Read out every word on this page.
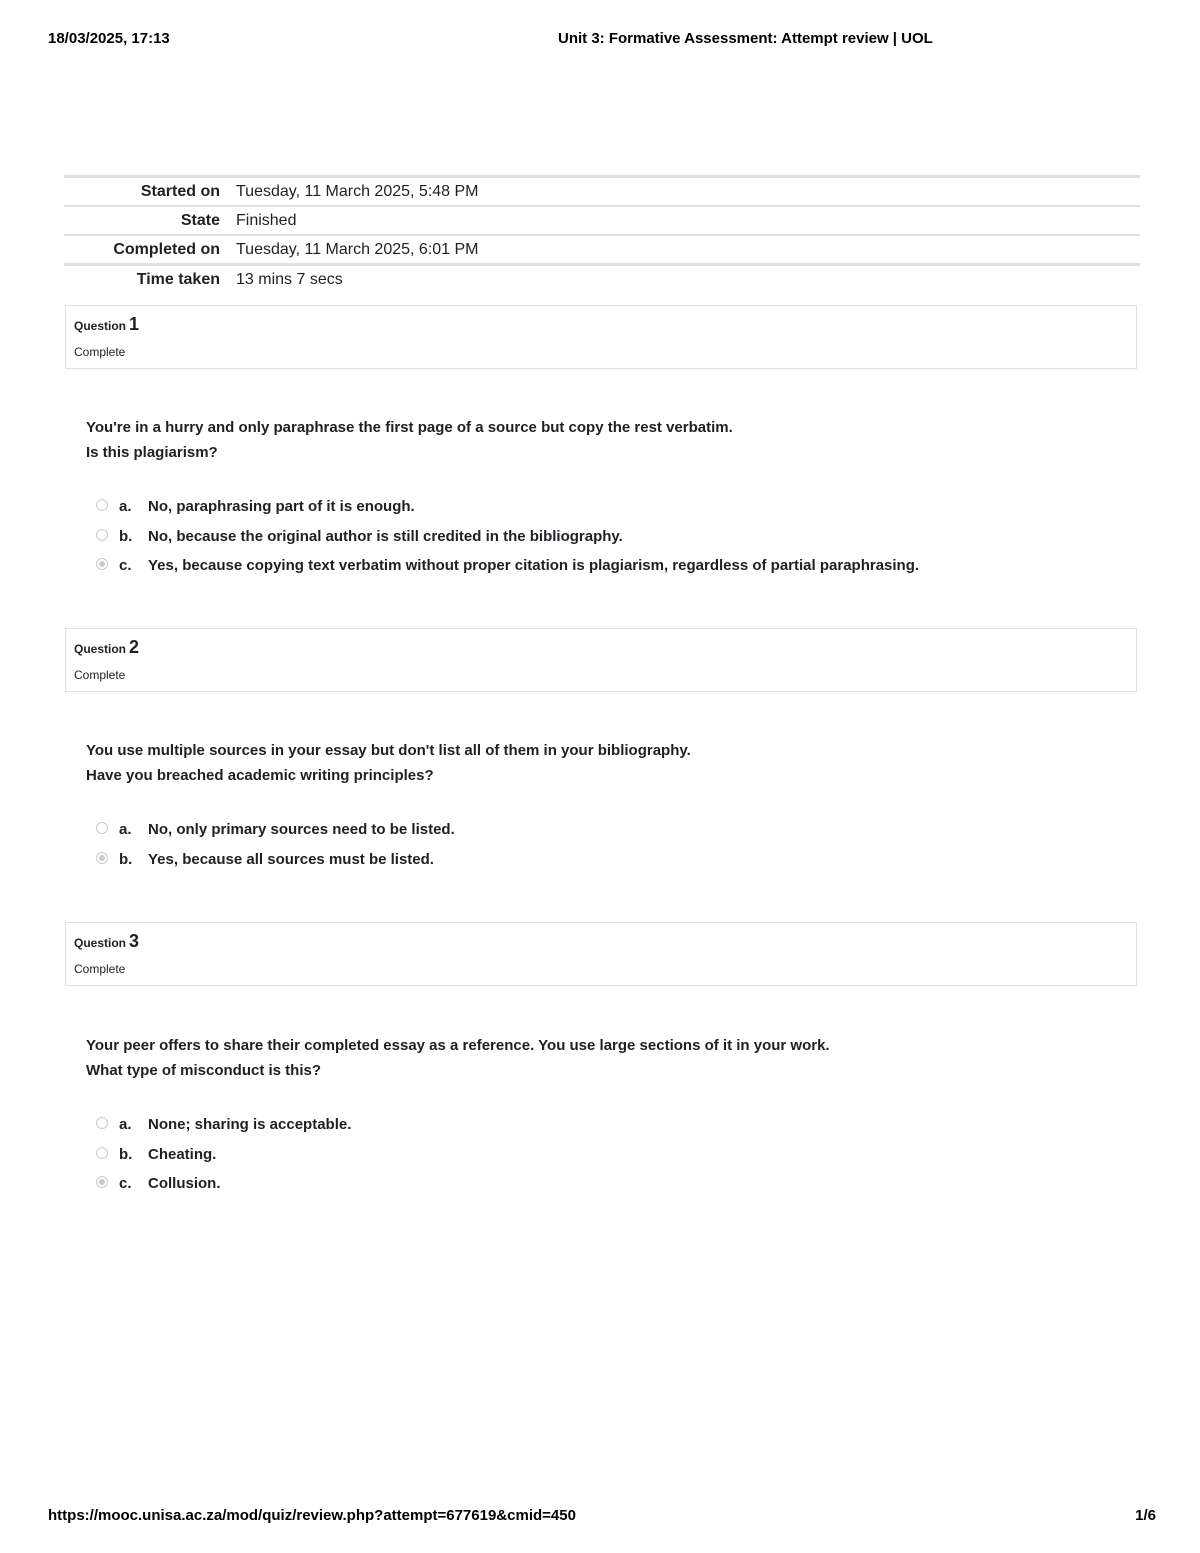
18/03/2025, 17:13	Unit 3: Formative Assessment: Attempt review | UOL
Started on	Tuesday, 11 March 2025, 5:48 PM
State	Finished
Completed on	Tuesday, 11 March 2025, 6:01 PM
Time taken	13 mins 7 secs
Question 1
Complete
You're in a hurry and only paraphrase the first page of a source but copy the rest verbatim.
Is this plagiarism?
a. No, paraphrasing part of it is enough.
b. No, because the original author is still credited in the bibliography.
c. Yes, because copying text verbatim without proper citation is plagiarism, regardless of partial paraphrasing.
Question 2
Complete
You use multiple sources in your essay but don't list all of them in your bibliography.
Have you breached academic writing principles?
a. No, only primary sources need to be listed.
b. Yes, because all sources must be listed.
Question 3
Complete
Your peer offers to share their completed essay as a reference. You use large sections of it in your work.
What type of misconduct is this?
a. None; sharing is acceptable.
b. Cheating.
c. Collusion.
https://mooc.unisa.ac.za/mod/quiz/review.php?attempt=677619&cmid=450	1/6
